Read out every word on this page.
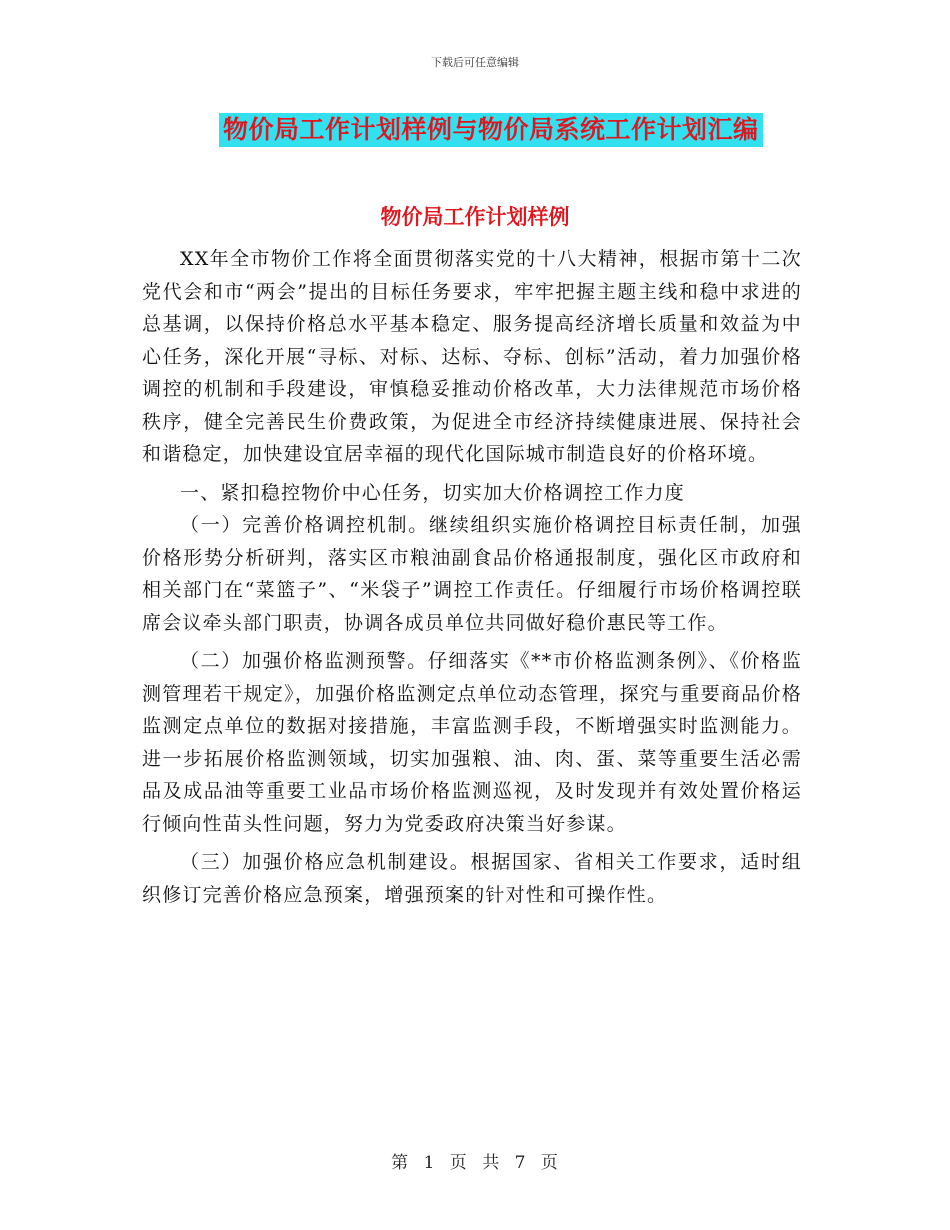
下载后可任意编辑
物价局工作计划样例与物价局系统工作计划汇编
物价局工作计划样例

XX年全市物价工作将全面贯彻落实党的十八大精神，根据市第十二次党代会和市“两会”提出的目标任务要求，牢牢把握主题主线和稳中求进的总基调，以保持价格总水平基本稳定、服务提高经济增长质量和效益为中心任务，深化开展“寻标、对标、达标、夺标、创标”活动，着力加强价格调控的机制和手段建设，审慎稳妥推动价格改革，大力法律规范市场价格秩序，健全完善民生价费政策，为促进全市经济持续健康进展、保持社会和谐稳定，加快建设宜居幸福的现代化国际城市制造良好的价格环境。

一、紧扣稳控物价中心任务，切实加大价格调控工作力度

（一）完善价格调控机制。继续组织实施价格调控目标责任制，加强价格形势分析研判，落实区市粮油副食品价格通报制度，强化区市政府和相关部门在“菜篮子”、“米袋子”调控工作责任。仔细履行市场价格调控联席会议牵头部门职责，协调各成员单位共同做好稳价惠民等工作。

（二）加强价格监测预警。仔细落实《**市价格监测条例》、《价格监测管理若干规定》，加强价格监测定点单位动态管理，探究与重要商品价格监测定点单位的数据对接措施，丰富监测手段，不断增强实时监测能力。进一步拓展价格监测领域，切实加强粮、油、肉、蛋、菜等重要生活必需品及成品油等重要工业品市场价格监测巡视，及时发现并有效处置价格运行倾向性苗头性问题，努力为党委政府决策当好参谋。

（三）加强价格应急机制建设。根据国家、省相关工作要求，适时组织修订完善价格应急预案，增强预案的针对性和可操作性。

第 1 页 共 7 页
